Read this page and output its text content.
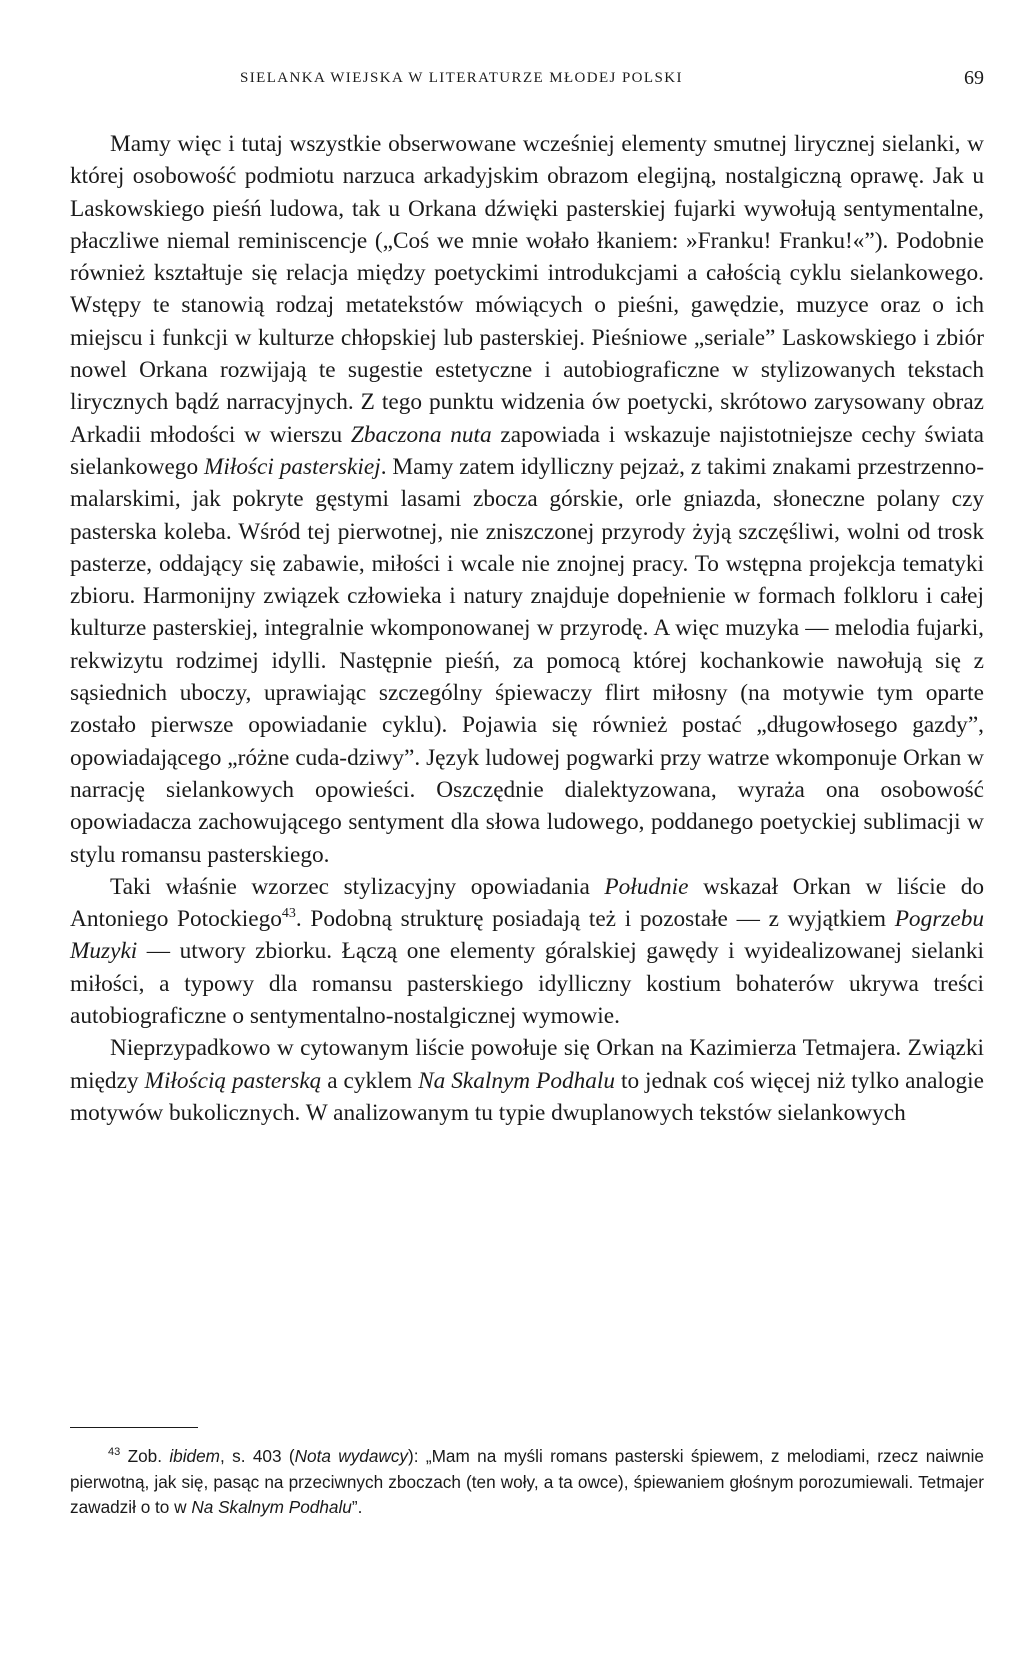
SIELANKA WIEJSKA W LITERATURZE MŁODEJ POLSKI	69

Mamy więc i tutaj wszystkie obserwowane wcześniej elementy smutnej lirycznej sielanki, w której osobowość podmiotu narzuca arkadyjskim obrazom elegijną, nostalgiczną oprawę. Jak u Laskowskiego pieśń ludowa, tak u Orkana dźwięki pasterskiej fujarki wywołują sentymentalne, płaczliwe niemal reminiscencje („Coś we mnie wołało łkaniem: »Franku! Franku!«”). Podobnie również kształtuje się relacja między poetyckimi introdukcjami a całością cyklu sielankowego. Wstępy te stanowią rodzaj metatekstów mówiących o pieśni, gawędzie, muzyce oraz o ich miejscu i funkcji w kulturze chłopskiej lub pasterskiej. Pieśniowe „seriale” Laskowskiego i zbiór nowel Orkana rozwijają te sugestie estetyczne i autobiograficzne w stylizowanych tekstach lirycznych bądź narracyjnych. Z tego punktu widzenia ów poetycki, skrótowo zarysowany obraz Arkadii młodości w wierszu Zbaczona nuta zapowiada i wskazuje najistotniejsze cechy świata sielankowego Miłości pasterskiej. Mamy zatem idylliczny pejzaż, z takimi znakami przestrzenno-malarskimi, jak pokryte gęstymi lasami zbocza górskie, orle gniazda, słoneczne polany czy pasterska koleba. Wśród tej pierwotnej, nie zniszczonej przyrody żyją szczęśliwi, wolni od trosk pasterze, oddający się zabawie, miłości i wcale nie znojnej pracy. To wstępna projekcja tematyki zbioru. Harmonijny związek człowieka i natury znajduje dopełnienie w formach folkloru i całej kulturze pasterskiej, integralnie wkomponowanej w przyrodę. A więc muzyka — melodia fujarki, rekwizytu rodzimej idylli. Następnie pieśń, za pomocą której kochankowie nawołują się z sąsiednich uboczy, uprawiając szczególny śpiewaczy flirt miłosny (na motywie tym oparte zostało pierwsze opowiadanie cyklu). Pojawia się również postać „długowłosego gazdy”, opowiadającego „różne cuda-dziwy”. Język ludowej pogwarki przy watrze wkomponuje Orkan w narrację sielankowych opowieści. Oszczędnie dialektyzowana, wyraża ona osobowość opowiadacza zachowującego sentyment dla słowa ludowego, poddanego poetyckiej sublimacji w stylu romansu pasterskiego.

Taki właśnie wzorzec stylizacyjny opowiadania Południe wskazał Orkan w liście do Antoniego Potockiego$^{43}$. Podobną strukturę posiadają też i pozostałe — z wyjątkiem Pogrzebu Muzyki — utwory zbiorku. Łączą one elementy góralskiej gawędy i wyidealizowanej sielanki miłości, a typowy dla romansu pasterskiego idylliczny kostium bohaterów ukrywa treści autobiograficzne o sentymentalno-nostalgicznej wymowie.

Nieprzypadkowo w cytowanym liście powołuje się Orkan na Kazimierza Tetmajera. Związki między Miłością pasterską a cyklem Na Skalnym Podhalu to jednak coś więcej niż tylko analogie motywów bukolicznych. W analizowanym tu typie dwuplanowych tekstów sielankowych

$^{43}$ Zob. ibidem, s. 403 (Nota wydawcy): „Mam na myśli romans pasterski śpiewem, z melodiami, rzecz naiwnie pierwotną, jak się, pasąc na przeciwnych zboczach (ten woły, a ta owce), śpiewaniem głośnym porozumiewali. Tetmajer zawadził o to w Na Skalnym Podhalu”.
